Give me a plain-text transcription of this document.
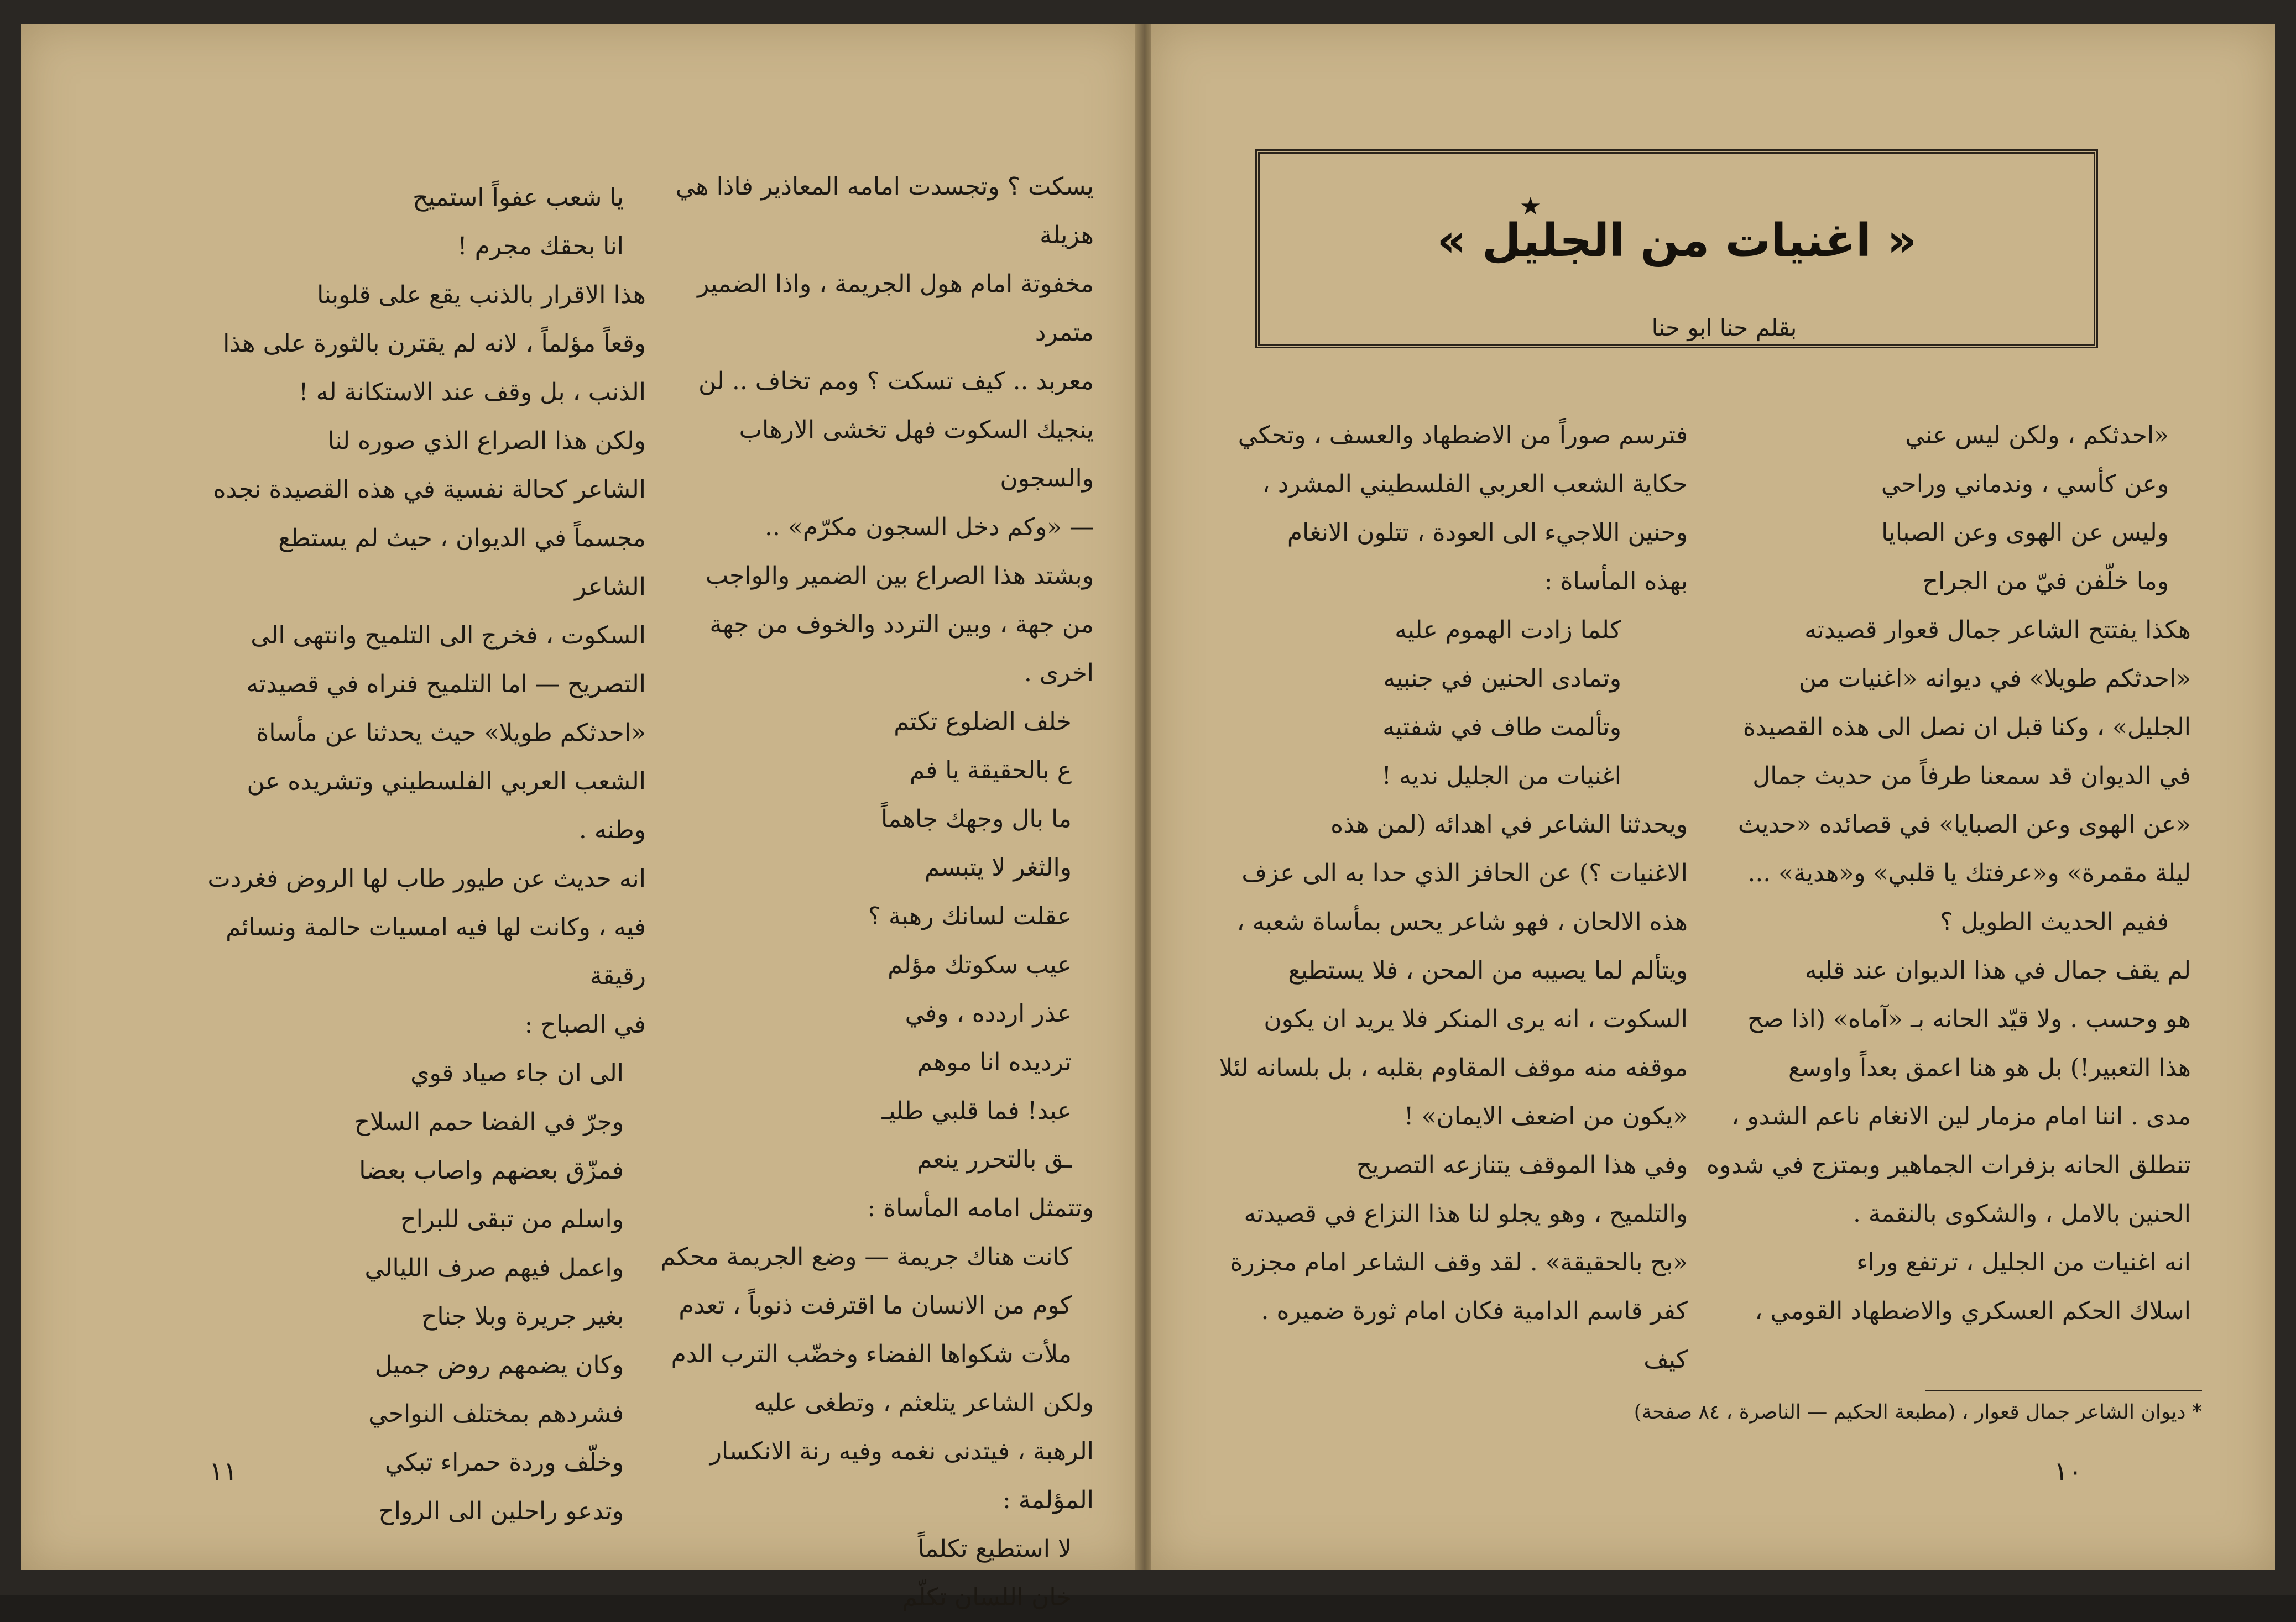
يسكت ؟ وتجسدت امامه المعاذير فاذا هي هزيلة

مخفوتة امام هول الجريمة ، واذا الضمير متمرد

معربد .. كيف تسكت ؟ ومم تخاف .. لن

ينجيك السكوت فهل تخشى الارهاب والسجون

— «وكم دخل السجون مكرّم» ..

وبشتد هذا الصراع بين الضمير والواجب

من جهة ، وبين التردد والخوف من جهة اخرى .

خلف الضلوع تكتم

ع بالحقيقة يا فم

ما بال وجهك جاهماً

والثغر لا يتبسم

عقلت لسانك رهبة ؟

عيب سكوتك مؤلم

عذر اردده ، وفي

ترديده انا موهم

عبد! فما قلبي طليـ

ـق بالتحرر ينعم

وتتمثل امامه المأساة :

كانت هناك جريمة — وضع الجريمة محكم

كوم من الانسان ما اقترفت ذنوباً ، تعدم

ملأت شكواها الفضاء وخضّب الترب الدم

ولكن الشاعر يتلعثم ، وتطغى عليه

الرهبة ، فيتدنى نغمه وفيه رنة الانكسار المؤلمة :

لا استطيع تكلماً

خان اللسان تكلّم

يا شعب عفواً استميح

انا بحقك مجرم !

هذا الاقرار بالذنب يقع على قلوبنا

وقعاً مؤلماً ، لانه لم يقترن بالثورة على هذا

الذنب ، بل وقف عند الاستكانة له !

ولكن هذا الصراع الذي صوره لنا

الشاعر كحالة نفسية في هذه القصيدة نجده

مجسماً في الديوان ، حيث لم يستطع الشاعر

السكوت ، فخرج الى التلميح وانتهى الى

التصريح — اما التلميح فنراه في قصيدته

«احدثكم طويلا» حيث يحدثنا عن مأساة

الشعب العربي الفلسطيني وتشريده عن وطنه .

انه حديث عن طيور طاب لها الروض فغردت

فيه ، وكانت لها فيه امسيات حالمة ونسائم رقيقة

في الصباح :

الى ان جاء صياد قوي

وجرّ في الفضا حمم السلاح

فمزّق بعضهم واصاب بعضا

واسلم من تبقى للبراح

واعمل فيهم صرف الليالي

بغير جريرة وبلا جناح

وكان يضمهم روض جميل

فشردهم بمختلف النواحي

وخلّف وردة حمراء تبكي

وتدعو راحلين الى الرواح

١١
★
« اغنيات من الجليل »
بقلم حنا ابو حنا

«احدثكم ، ولكن ليس عني

وعن كأسي ، وندماني وراحي

وليس عن الهوى وعن الصبايا

وما خلّفن فيّ من الجراح

هكذا يفتتح الشاعر جمال قعوار قصيدته

«احدثكم طويلا» في ديوانه «اغنيات من

الجليل» ، وكنا قبل ان نصل الى هذه القصيدة

في الديوان قد سمعنا طرفاً من حديث جمال

«عن الهوى وعن الصبايا» في قصائده «حديث

ليلة مقمرة» و«عرفتك يا قلبي» و«هدية» ...

ففيم الحديث الطويل ؟

لم يقف جمال في هذا الديوان عند قلبه

هو وحسب . ولا قيّد الحانه بـ «آماه» (اذا صح

هذا التعبير!) بل هو هنا اعمق بعداً واوسع

مدى . اننا امام مزمار لين الانغام ناعم الشدو ،

تنطلق الحانه بزفرات الجماهير وبمتزج في شدوه

الحنين بالامل ، والشكوى بالنقمة .

انه اغنيات من الجليل ، ترتفع وراء

اسلاك الحكم العسكري والاضطهاد القومي ،

فترسم صوراً من الاضطهاد والعسف ، وتحكي

حكاية الشعب العربي الفلسطيني المشرد ،

وحنين اللاجيء الى العودة ، تتلون الانغام

بهذه المأساة :

كلما زادت الهموم عليه

وتمادى الحنين في جنبيه

وتألمت طاف في شفتيه

اغنيات من الجليل نديه !

ويحدثنا الشاعر في اهدائه (لمن هذه

الاغنيات ؟) عن الحافز الذي حدا به الى عزف

هذه الالحان ، فهو شاعر يحس بمأساة شعبه ،

ويتألم لما يصيبه من المحن ، فلا يستطيع

السكوت ، انه يرى المنكر فلا يريد ان يكون

موقفه منه موقف المقاوم بقلبه ، بل بلسانه لئلا

«يكون من اضعف الايمان» !

وفي هذا الموقف يتنازعه التصريح

والتلميح ، وهو يجلو لنا هذا النزاع في قصيدته

«بح بالحقيقة» . لقد وقف الشاعر امام مجزرة

كفر قاسم الدامية فكان امام ثورة ضميره . كيف

* ديوان الشاعر جمال قعوار ، (مطبعة الحكيم — الناصرة ، ٨٤ صفحة)
١٠
